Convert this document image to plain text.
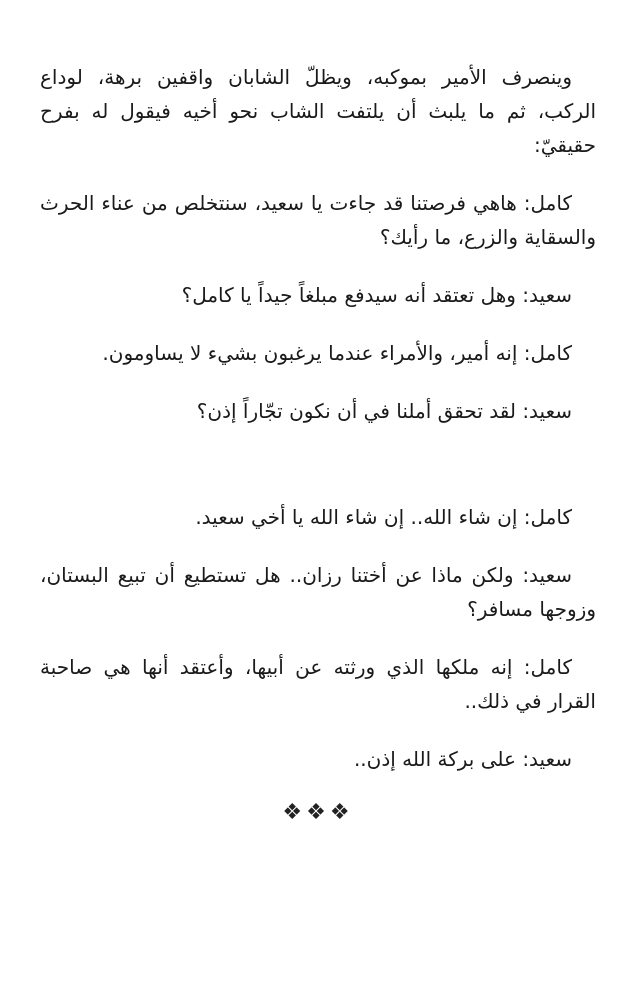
وينصرف الأمير بموكبه، ويظلّ الشابان واقفين برهة، لوداع الركب، ثم ما يلبث أن يلتفت الشاب نحو أخيه فيقول له بفرح حقيقيّ:

كامل: هاهي فرصتنا قد جاءت يا سعيد، سنتخلص من عناء الحرث والسقاية والزرع، ما رأيك؟

سعيد: وهل تعتقد أنه سيدفع مبلغاً جيداً يا كامل؟

كامل: إنه أمير، والأمراء عندما يرغبون بشيء لا يساومون.

سعيد: لقد تحقق أملنا في أن نكون تجّاراً إذن؟

كامل: إن شاء الله.. إن شاء الله يا أخي سعيد.

سعيد: ولكن ماذا عن أختنا رزان.. هل تستطيع أن تبيع البستان، وزوجها مسافر؟

كامل: إنه ملكها الذي ورثته عن أبيها، وأعتقد أنها هي صاحبة القرار في ذلك..

سعيد: على بركة الله إذن..

❖❖❖
